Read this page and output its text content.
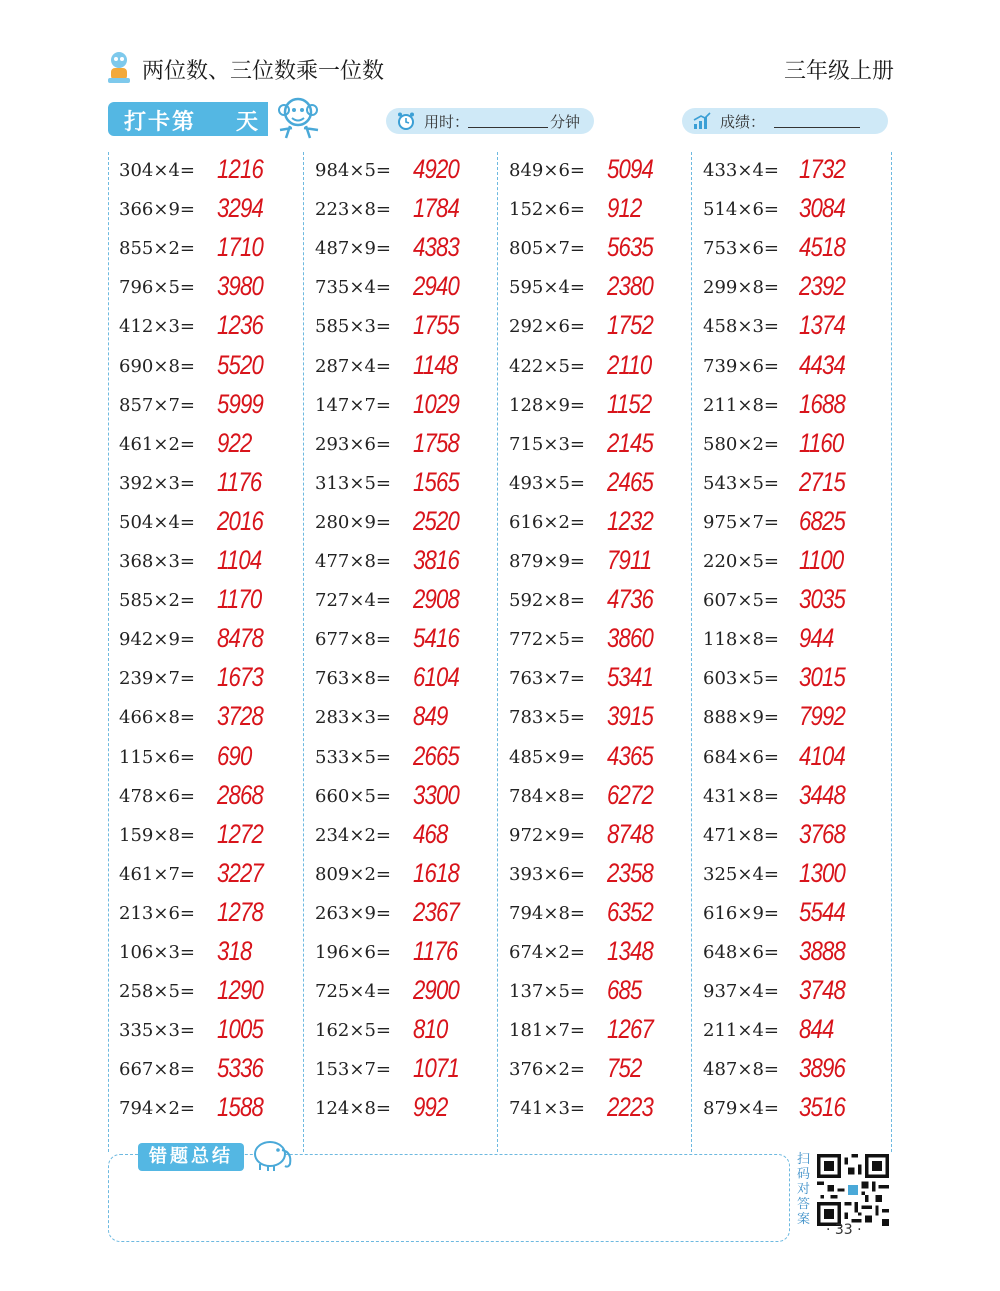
两位数、三位数乘一位数	三年级上册
打卡第 天	用时：	分钟	成绩：
304×4= 1216
366×9= 3294
855×2= 1710
796×5= 3980
412×3= 1236
690×8= 5520
857×7= 5999
461×2= 922
392×3= 1176
504×4= 2016
368×3= 1104
585×2= 1170
942×9= 8478
239×7= 1673
466×8= 3728
115×6= 690
478×6= 2868
159×8= 1272
461×7= 3227
213×6= 1278
106×3= 318
258×5= 1290
335×3= 1005
667×8= 5336
794×2= 1588
984×5= 4920
223×8= 1784
487×9= 4383
735×4= 2940
585×3= 1755
287×4= 1148
147×7= 1029
293×6= 1758
313×5= 1565
280×9= 2520
477×8= 3816
727×4= 2908
677×8= 5416
763×8= 6104
283×3= 849
533×5= 2665
660×5= 3300
234×2= 468
809×2= 1618
263×9= 2367
196×6= 1176
725×4= 2900
162×5= 810
153×7= 1071
124×8= 992
849×6= 5094
152×6= 912
805×7= 5635
595×4= 2380
292×6= 1752
422×5= 2110
128×9= 1152
715×3= 2145
493×5= 2465
616×2= 1232
879×9= 7911
592×8= 4736
772×5= 3860
763×7= 5341
783×5= 3915
485×9= 4365
784×8= 6272
972×9= 8748
393×6= 2358
794×8= 6352
674×2= 1348
137×5= 685
181×7= 1267
376×2= 752
741×3= 2223
433×4= 1732
514×6= 3084
753×6= 4518
299×8= 2392
458×3= 1374
739×6= 4434
211×8= 1688
580×2= 1160
543×5= 2715
975×7= 6825
220×5= 1100
607×5= 3035
118×8= 944
603×5= 3015
888×9= 7992
684×6= 4104
431×8= 3448
471×8= 3768
325×4= 1300
616×9= 5544
648×6= 3888
937×4= 3748
211×4= 844
487×8= 3896
879×4= 3516
错题总结	扫码对答案
· 33 ·
